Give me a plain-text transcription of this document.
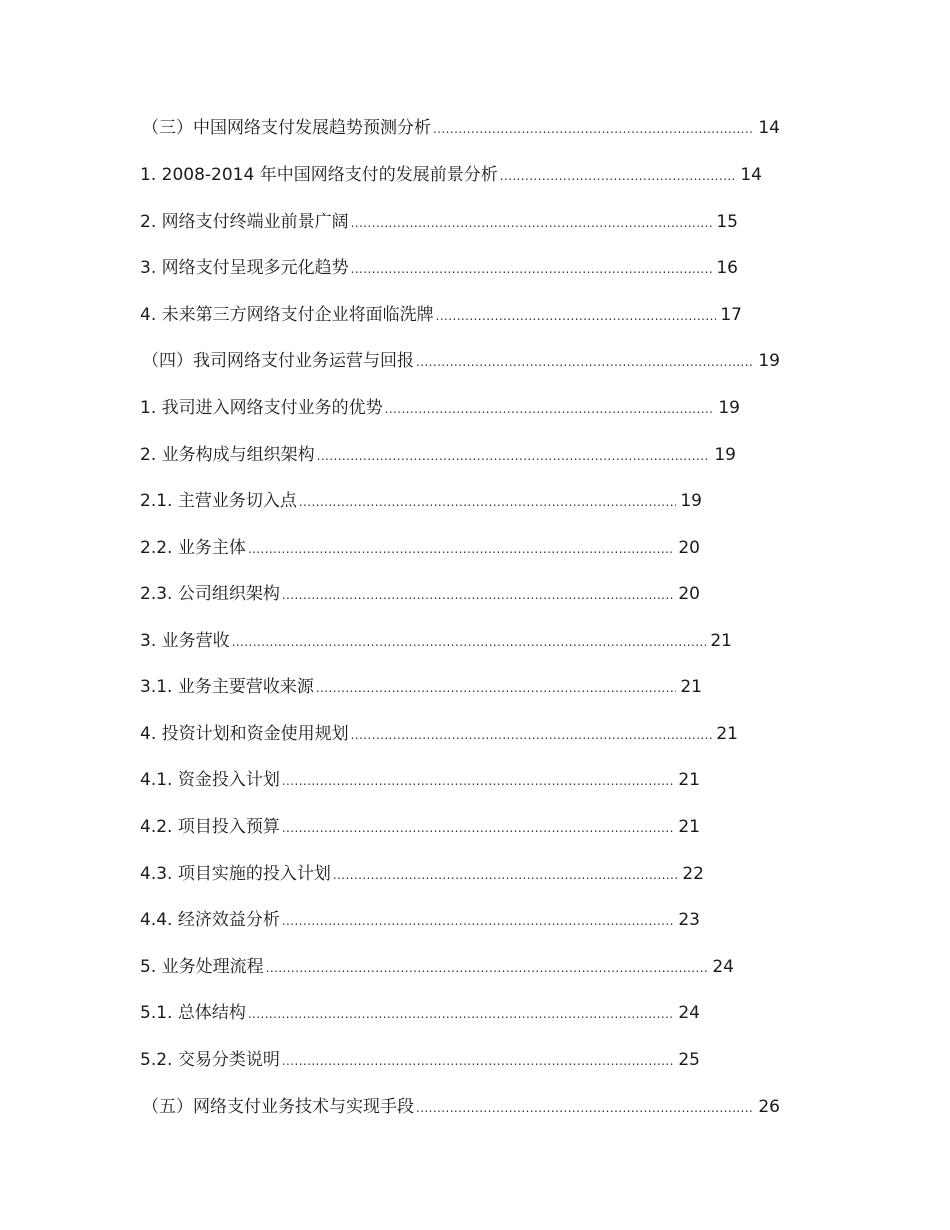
（三）中国网络支付发展趋势预测分析 .....	14
1. 2008-2014 年中国网络支付的发展前景分析 .....	14
2. 网络支付终端业前景广阔 .....	15
3. 网络支付呈现多元化趋势 .....	16
4. 未来第三方网络支付企业将面临洗牌 .....	17
（四）我司网络支付业务运营与回报 .....	19
1. 我司进入网络支付业务的优势 .....	19
2. 业务构成与组织架构 .....	19
2.1. 主营业务切入点 .....	19
2.2. 业务主体 .....	20
2.3. 公司组织架构 .....	20
3. 业务营收 .....	21
3.1. 业务主要营收来源 .....	21
4. 投资计划和资金使用规划 .....	21
4.1. 资金投入计划 .....	21
4.2. 项目投入预算 .....	21
4.3. 项目实施的投入计划 .....	22
4.4. 经济效益分析 .....	23
5. 业务处理流程 .....	24
5.1. 总体结构 .....	24
5.2. 交易分类说明 .....	25
（五）网络支付业务技术与实现手段 .....	26
